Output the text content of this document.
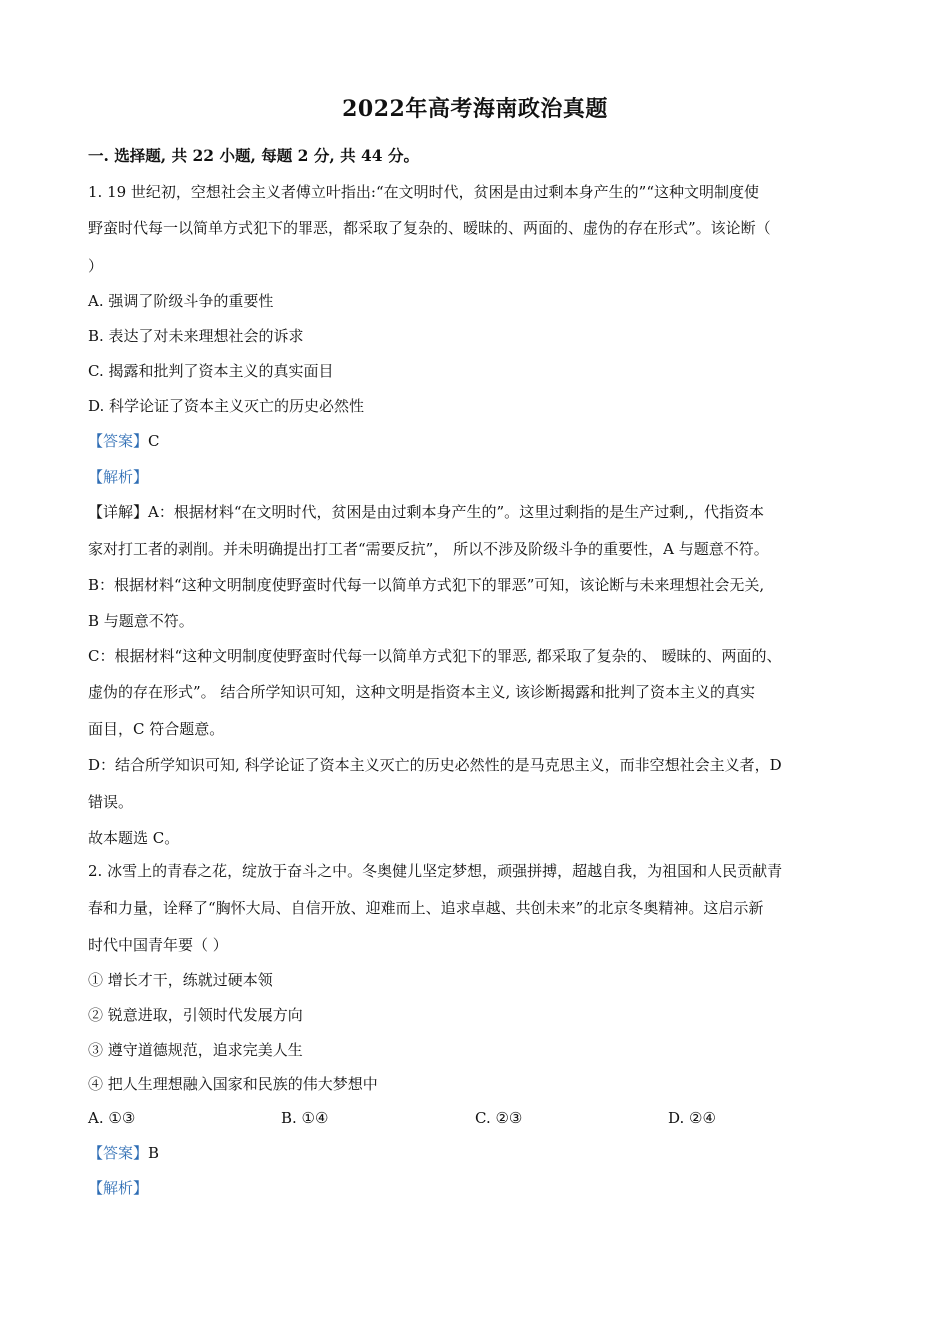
2022年高考海南政治真题
一. 选择题, 共 22 小题, 每题 2 分, 共 44 分。
1. 19 世纪初，空想社会主义者傅立叶指出:“在文明时代，贫困是由过剩本身产生的”“这种文明制度使
野蛮时代每一以简单方式犯下的罪恶，都采取了复杂的、暧昧的、两面的、虚伪的存在形式”。该论断（
）
A. 强调了阶级斗争的重要性
B. 表达了对未来理想社会的诉求
C. 揭露和批判了资本主义的真实面目
D. 科学论证了资本主义灭亡的历史必然性
【答案】C
【解析】
【详解】A：根据材料“在文明时代，贫困是由过剩本身产生的”。这里过剩指的是生产过剩,，代指资本
家对打工者的剥削。并未明确提出打工者“需要反抗”， 所以不涉及阶级斗争的重要性，A 与题意不符。
B：根据材料“这种文明制度使野蛮时代每一以简单方式犯下的罪恶”可知，该论断与未来理想社会无关,
B 与题意不符。
C：根据材料“这种文明制度使野蛮时代每一以简单方式犯下的罪恶, 都采取了复杂的、 暧昧的、两面的、
虚伪的存在形式”。 结合所学知识可知，这种文明是指资本主义, 该诊断揭露和批判了资本主义的真实
面目，C 符合题意。
D：结合所学知识可知, 科学论证了资本主义灭亡的历史必然性的是马克思主义，而非空想社会主义者，D
错误。
故本题选 C。
2. 冰雪上的青春之花，绽放于奋斗之中。冬奥健儿坚定梦想，顽强拼搏，超越自我，为祖国和人民贡献青
春和力量，诠释了“胸怀大局、自信开放、迎难而上、追求卓越、共创未来”的北京冬奥精神。这启示新
时代中国青年要（ ）
① 增长才干，练就过硬本领
② 锐意进取，引领时代发展方向
③ 遵守道德规范，追求完美人生
④ 把人生理想融入国家和民族的伟大梦想中
A. ①③	B. ①④	C. ②③	D. ②④
【答案】B
【解析】
